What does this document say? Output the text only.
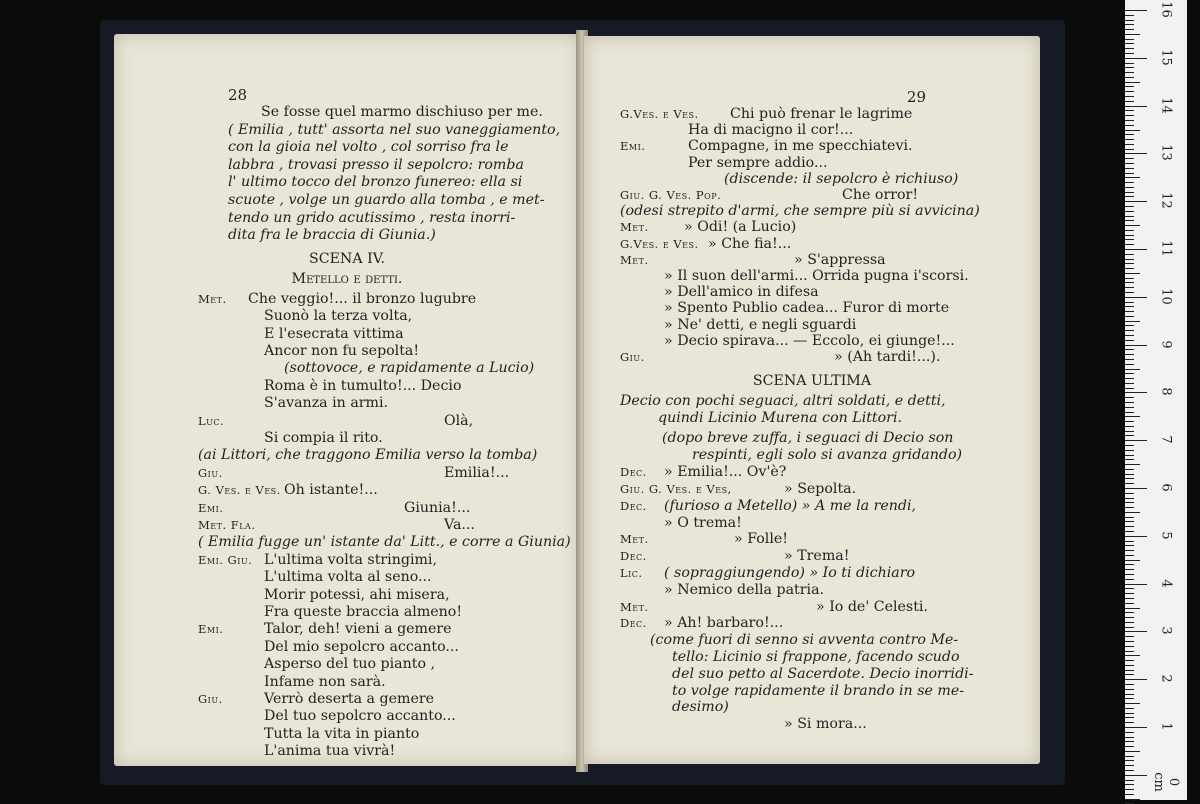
28
Se fosse quel marmo dischiuso per me.
( Emilia , tutt' assorta nel suo vaneggiamento,
con la gioia nel volto , col sorriso fra le
labbra , trovasi presso il sepolcro: romba
l' ultimo tocco del bronzo funereo: ella si
scuote , volge un guardo alla tomba , e met-
tendo un grido acutissimo , resta inorri-
dita fra le braccia di Giunia.)
SCENA IV.
Metello e detti.
Met. Che veggio!... il bronzo lugubre
Suonò la terza volta,
E l'esecrata vittima
Ancor non fu sepolta!
(sottovoce, e rapidamente a Lucio)
Roma è in tumulto!... Decio
S'avanza in armi.
Luc.	Olà,
Si compia il rito.
(ai Littori, che traggono Emilia verso la tomba)
Giu.	Emilia!...
G. Ves. e Ves. Oh istante!...
Emi.	Giunia!...
Met. Fla.	Va...
( Emilia fugge un' istante da' Litt., e corre a Giunia)
Emi. Giu. L'ultima volta stringimi,
L'ultima volta al seno...
Morir potessi, ahi misera,
Fra queste braccia almeno!
Emi.	Talor, deh! vieni a gemere
Del mio sepolcro accanto...
Asperso del tuo pianto ,
Infame non sarà.
Giu.	Verrò deserta a gemere
Del tuo sepolcro accanto...
Tutta la vita in pianto
L'anima tua vivrà!
29
G.Ves. e Ves. Chi può frenar le lagrime
Ha di macigno il cor!...
Emi.	Compagne, in me specchiatevi.
Per sempre addio...
(discende: il sepolcro è richiuso)
Giu. G. Ves. Pop.	Che orror!
(odesi strepito d'armi, che sempre più si avvicina)
Met. » Odi! (a Lucio)
G.Ves. e Ves. » Che fia!...
Met.	» S'appressa
» Il suon dell'armi... Orrida pugna i'scorsi.
» Dell'amico in difesa
» Spento Publio cadea... Furor di morte
» Ne' detti, e negli sguardi
» Decio spirava... — Eccolo, ei giunge!...
Giu.	» (Ah tardi!...).
SCENA ULTIMA
Decio con pochi seguaci, altri soldati, e detti,
quindi Licinio Murena con Littori.
(dopo breve zuffa, i seguaci di Decio son
respinti, egli solo si avanza gridando)
Dec. » Emilia!... Ov'è?
Giu. G. Ves. e Ves,	» Sepolta.
Dec. (furioso a Metello) » A me la rendi,
» O trema!
Met.	» Folle!
Dec.	» Trema!
Lic. ( sopraggiungendo) » Io ti dichiaro
» Nemico della patria.
Met.	» Io de' Celesti.
Dec. » Ah! barbaro!...
(come fuori di senno si avventa contro Me-
tello: Licinio si frappone, facendo scudo
del suo petto al Sacerdote. Decio inorridi-
to volge rapidamente il brando in se me-
desimo)
» Si mora...
16
15
14
13
12
11
10
9
8
7
6
5
4
3
2
1
0 cm
